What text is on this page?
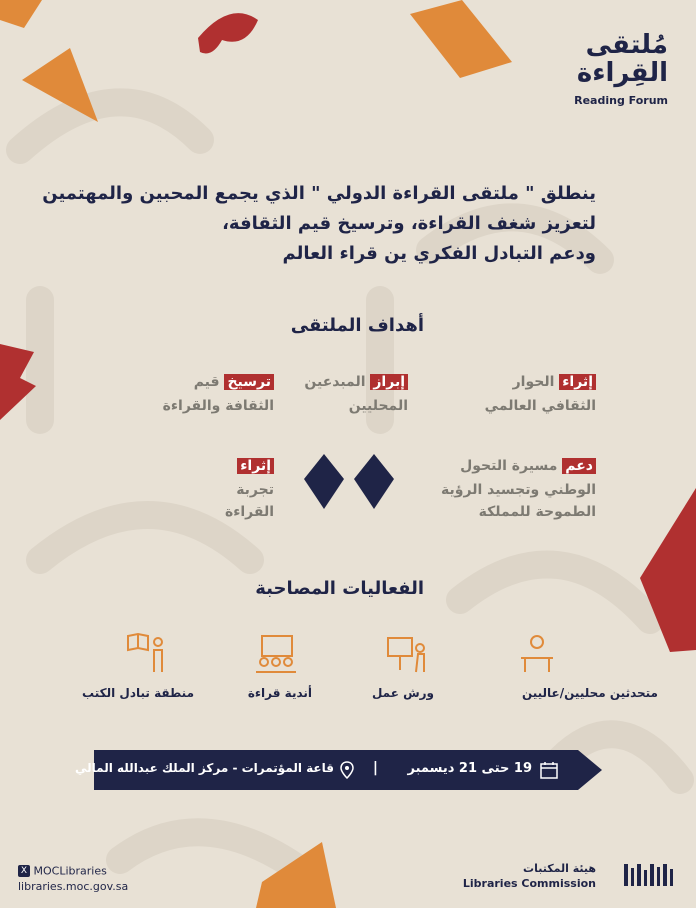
مُلتقى
القِراءة
Reading Forum
ينطلق " ملتقى القراءة الدولي " الذي يجمع المحبين والمهتمين
لتعزيز شغف القراءة، وترسيخ قيم الثقافة،
ودعم التبادل الفكري ين قراء العالم
أهداف الملتقى
إثراء الحوار
الثقافي العالمي
إبراز المبدعين
المحليين
ترسيخ قيم
الثقافة والقراءة
دعم مسيرة التحول
الوطني وتجسيد الرؤية
الطموحة للمملكة
إثراء
تجربة
القراءة
الفعاليات المصاحبة
متحدثين محليين/عاليين
ورش عمل
أندية قراءة
منطقة تبادل الكتب
19 حتى 21 ديسمبر
|
قاعة المؤتمرات - مركز الملك عبدالله المالي
X MOCLibraries
libraries.moc.gov.sa
هيئة المكتبات
Libraries Commission
